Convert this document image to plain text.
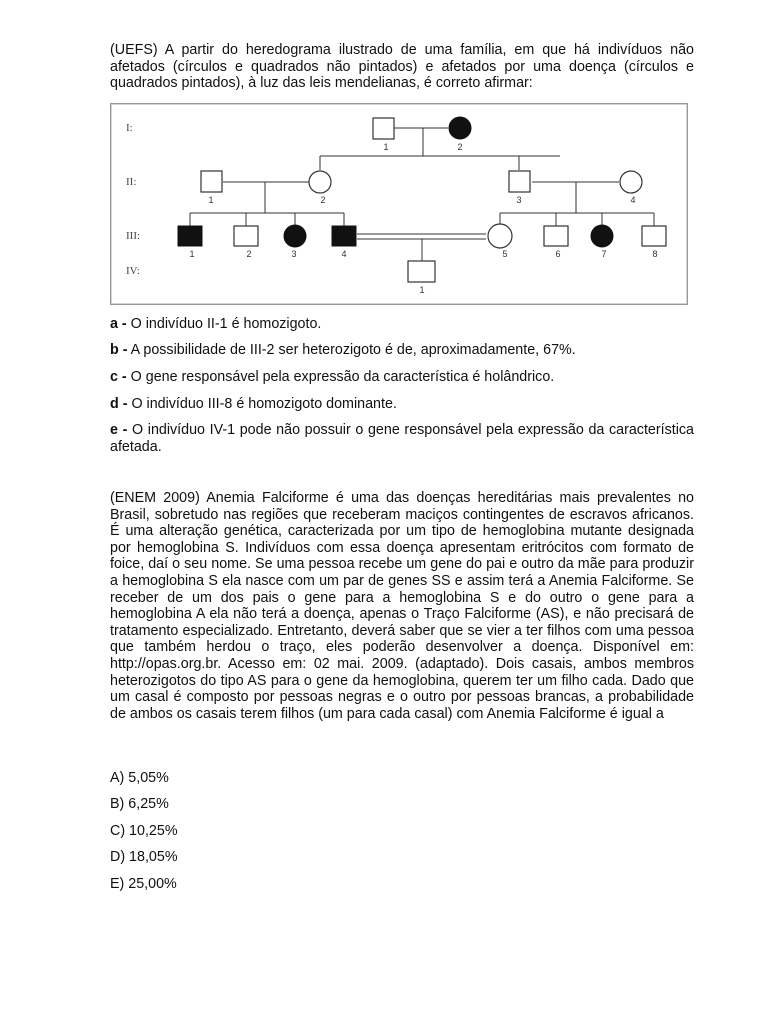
(UEFS) A partir do heredograma ilustrado de uma família, em que há indivíduos não afetados (círculos e quadrados não pintados) e afetados por uma doença (círculos e quadrados pintados), à luz das leis mendelianas, é correto afirmar:

I:
II:
III:
IV:
1	2
1	2	3	4
1	2	3	4	5	6	7	8
1

a - O indivíduo II-1 é homozigoto.

b - A possibilidade de III-2 ser heterozigoto é de, aproximadamente, 67%.

c - O gene responsável pela expressão da característica é holândrico.

d - O indivíduo III-8 é homozigoto dominante.

e - O indivíduo IV-1 pode não possuir o gene responsável pela expressão da característica afetada.

(ENEM 2009) Anemia Falciforme é uma das doenças hereditárias mais prevalentes no Brasil, sobretudo nas regiões que receberam maciços contingentes de escravos africanos. É uma alteração genética, caracterizada por um tipo de hemoglobina mutante designada por hemoglobina S. Indivíduos com essa doença apresentam eritrócitos com formato de foice, daí o seu nome. Se uma pessoa recebe um gene do pai e outro da mãe para produzir a hemoglobina S ela nasce com um par de genes SS e assim terá a Anemia Falciforme. Se receber de um dos pais o gene para a hemoglobina S e do outro o gene para a hemoglobina A ela não terá a doença, apenas o Traço Falciforme (AS), e não precisará de tratamento especializado. Entretanto, deverá saber que se vier a ter filhos com uma pessoa que também herdou o traço, eles poderão desenvolver a doença. Disponível em: http://opas.org.br. Acesso em: 02 mai. 2009. (adaptado). Dois casais, ambos membros heterozigotos do tipo AS para o gene da hemoglobina, querem ter um filho cada. Dado que um casal é composto por pessoas negras e o outro por pessoas brancas, a probabilidade de ambos os casais terem filhos (um para cada casal) com Anemia Falciforme é igual a

A) 5,05%
B) 6,25%
C) 10,25%
D) 18,05%
E) 25,00%
